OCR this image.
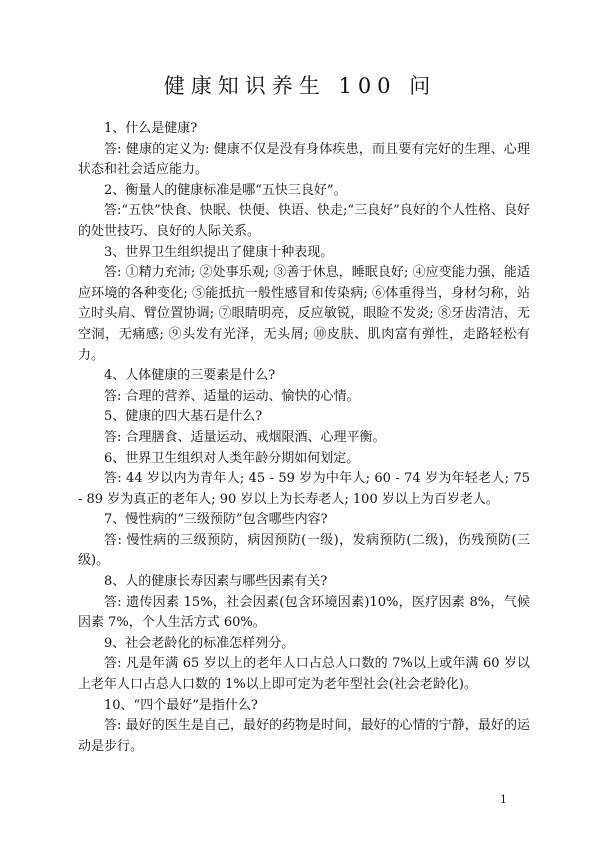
健康知识养生 100 问

1、什么是健康?

答: 健康的定义为: 健康不仅是没有身体疾患，而且要有完好的生理、心理状态和社会适应能力。

2、衡量人的健康标准是哪“五快三良好”。

答:“五快”快食、快眠、快便、快语、快走;“三良好”良好的个人性格、良好的处世技巧、良好的人际关系。

3、世界卫生组织提出了健康十种表现。

答: ①精力充沛; ②处事乐观; ③善于休息，睡眠良好; ④应变能力强，能适应环境的各种变化; ⑤能抵抗一般性感冒和传染病; ⑥体重得当，身材匀称，站立时头肩、臂位置协调; ⑦眼睛明亮，反应敏锐，眼睑不发炎; ⑧牙齿清洁，无空洞，无痛感; ⑨头发有光泽，无头屑; ⑩皮肤、肌肉富有弹性，走路轻松有力。

4、人体健康的三要素是什么?

答: 合理的营养、适量的运动、愉快的心情。

5、健康的四大基石是什么?

答: 合理膳食、适量运动、戒烟限酒、心理平衡。

6、世界卫生组织对人类年龄分期如何划定。

答: 44 岁以内为青年人; 45 - 59 岁为中年人; 60 - 74 岁为年轻老人; 75 - 89 岁为真正的老年人; 90 岁以上为长寿老人; 100 岁以上为百岁老人。

7、慢性病的“三级预防”包含哪些内容?

答: 慢性病的三级预防，病因预防(一级)，发病预防(二级)，伤残预防(三级)。

8、人的健康长寿因素与哪些因素有关?

答: 遗传因素 15%，社会因素(包含环境因素)10%，医疗因素 8%，气候因素 7%，个人生活方式 60%。

9、社会老龄化的标准怎样列分。

答: 凡是年满 65 岁以上的老年人口占总人口数的 7%以上或年满 60 岁以上老年人口占总人口数的 1%以上即可定为老年型社会(社会老龄化)。

10、“四个最好”是指什么?

答: 最好的医生是自己，最好的药物是时间，最好的心情的宁静，最好的运动是步行。

1
